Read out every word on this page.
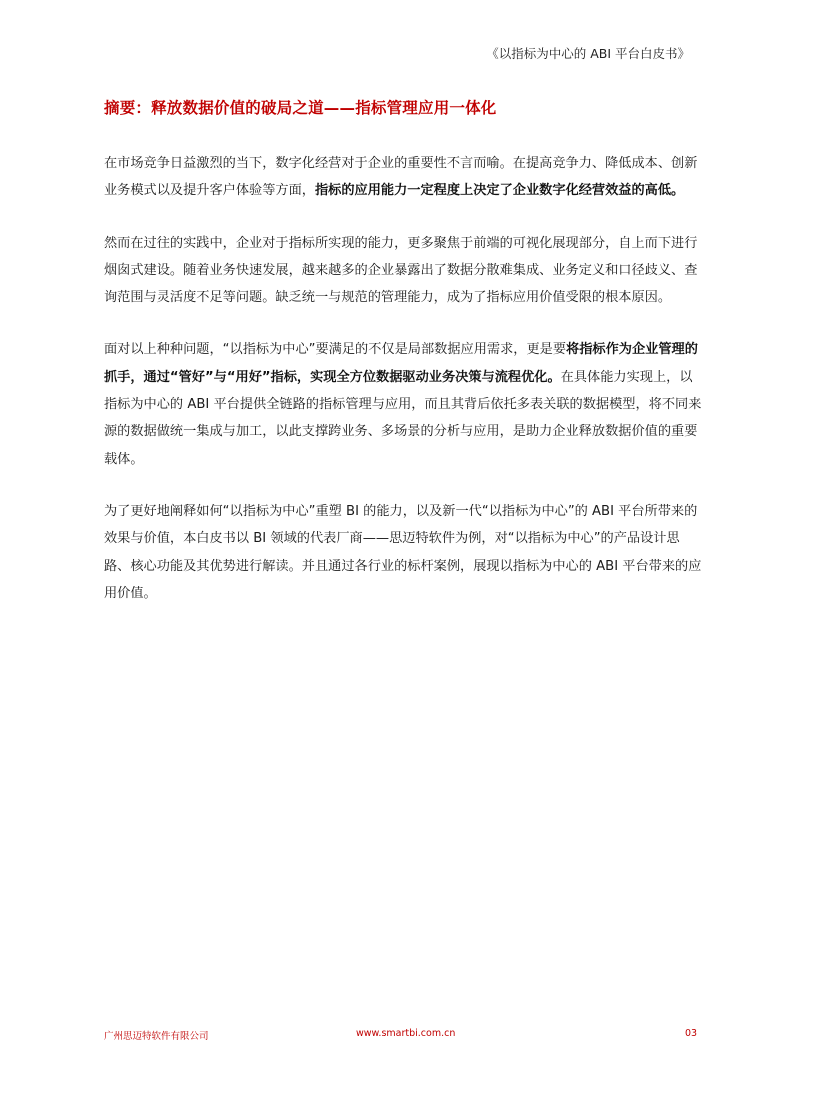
《以指标为中心的 ABI 平台白皮书》
摘要：释放数据价值的破局之道——指标管理应用一体化

在市场竞争日益激烈的当下，数字化经营对于企业的重要性不言而喻。在提高竞争力、降低成本、创新业务模式以及提升客户体验等方面，指标的应用能力一定程度上决定了企业数字化经营效益的高低。

然而在过往的实践中，企业对于指标所实现的能力，更多聚焦于前端的可视化展现部分，自上而下进行烟囱式建设。随着业务快速发展，越来越多的企业暴露出了数据分散难集成、业务定义和口径歧义、查询范围与灵活度不足等问题。缺乏统一与规范的管理能力，成为了指标应用价值受限的根本原因。

面对以上种种问题，“以指标为中心”要满足的不仅是局部数据应用需求，更是要将指标作为企业管理的抓手，通过“管好”与“用好”指标，实现全方位数据驱动业务决策与流程优化。在具体能力实现上，以指标为中心的 ABI 平台提供全链路的指标管理与应用，而且其背后依托多表关联的数据模型，将不同来源的数据做统一集成与加工，以此支撑跨业务、多场景的分析与应用，是助力企业释放数据价值的重要载体。

为了更好地阐释如何“以指标为中心”重塑 BI 的能力，以及新一代“以指标为中心”的 ABI 平台所带来的效果与价值，本白皮书以 BI 领域的代表厂商——思迈特软件为例，对“以指标为中心”的产品设计思路、核心功能及其优势进行解读。并且通过各行业的标杆案例，展现以指标为中心的 ABI 平台带来的应用价值。

广州思迈特软件有限公司	www.smartbi.com.cn	03
